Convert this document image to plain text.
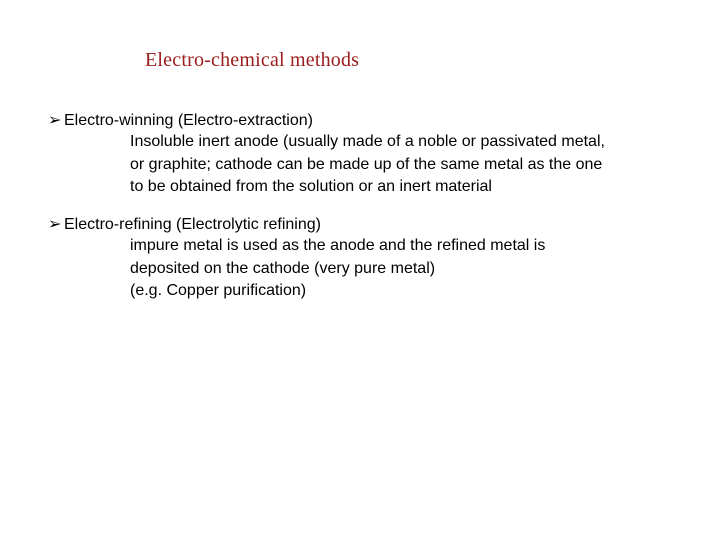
Electro-chemical methods
➢ Electro-winning (Electro-extraction)
Insoluble inert anode (usually made of a noble or passivated metal,
or graphite; cathode can be made up of the same metal as the one
to be obtained from the solution or an inert material
➢ Electro-refining (Electrolytic refining)
impure metal is used as the anode and the refined metal is
deposited on the cathode (very pure metal)
(e.g. Copper purification)
